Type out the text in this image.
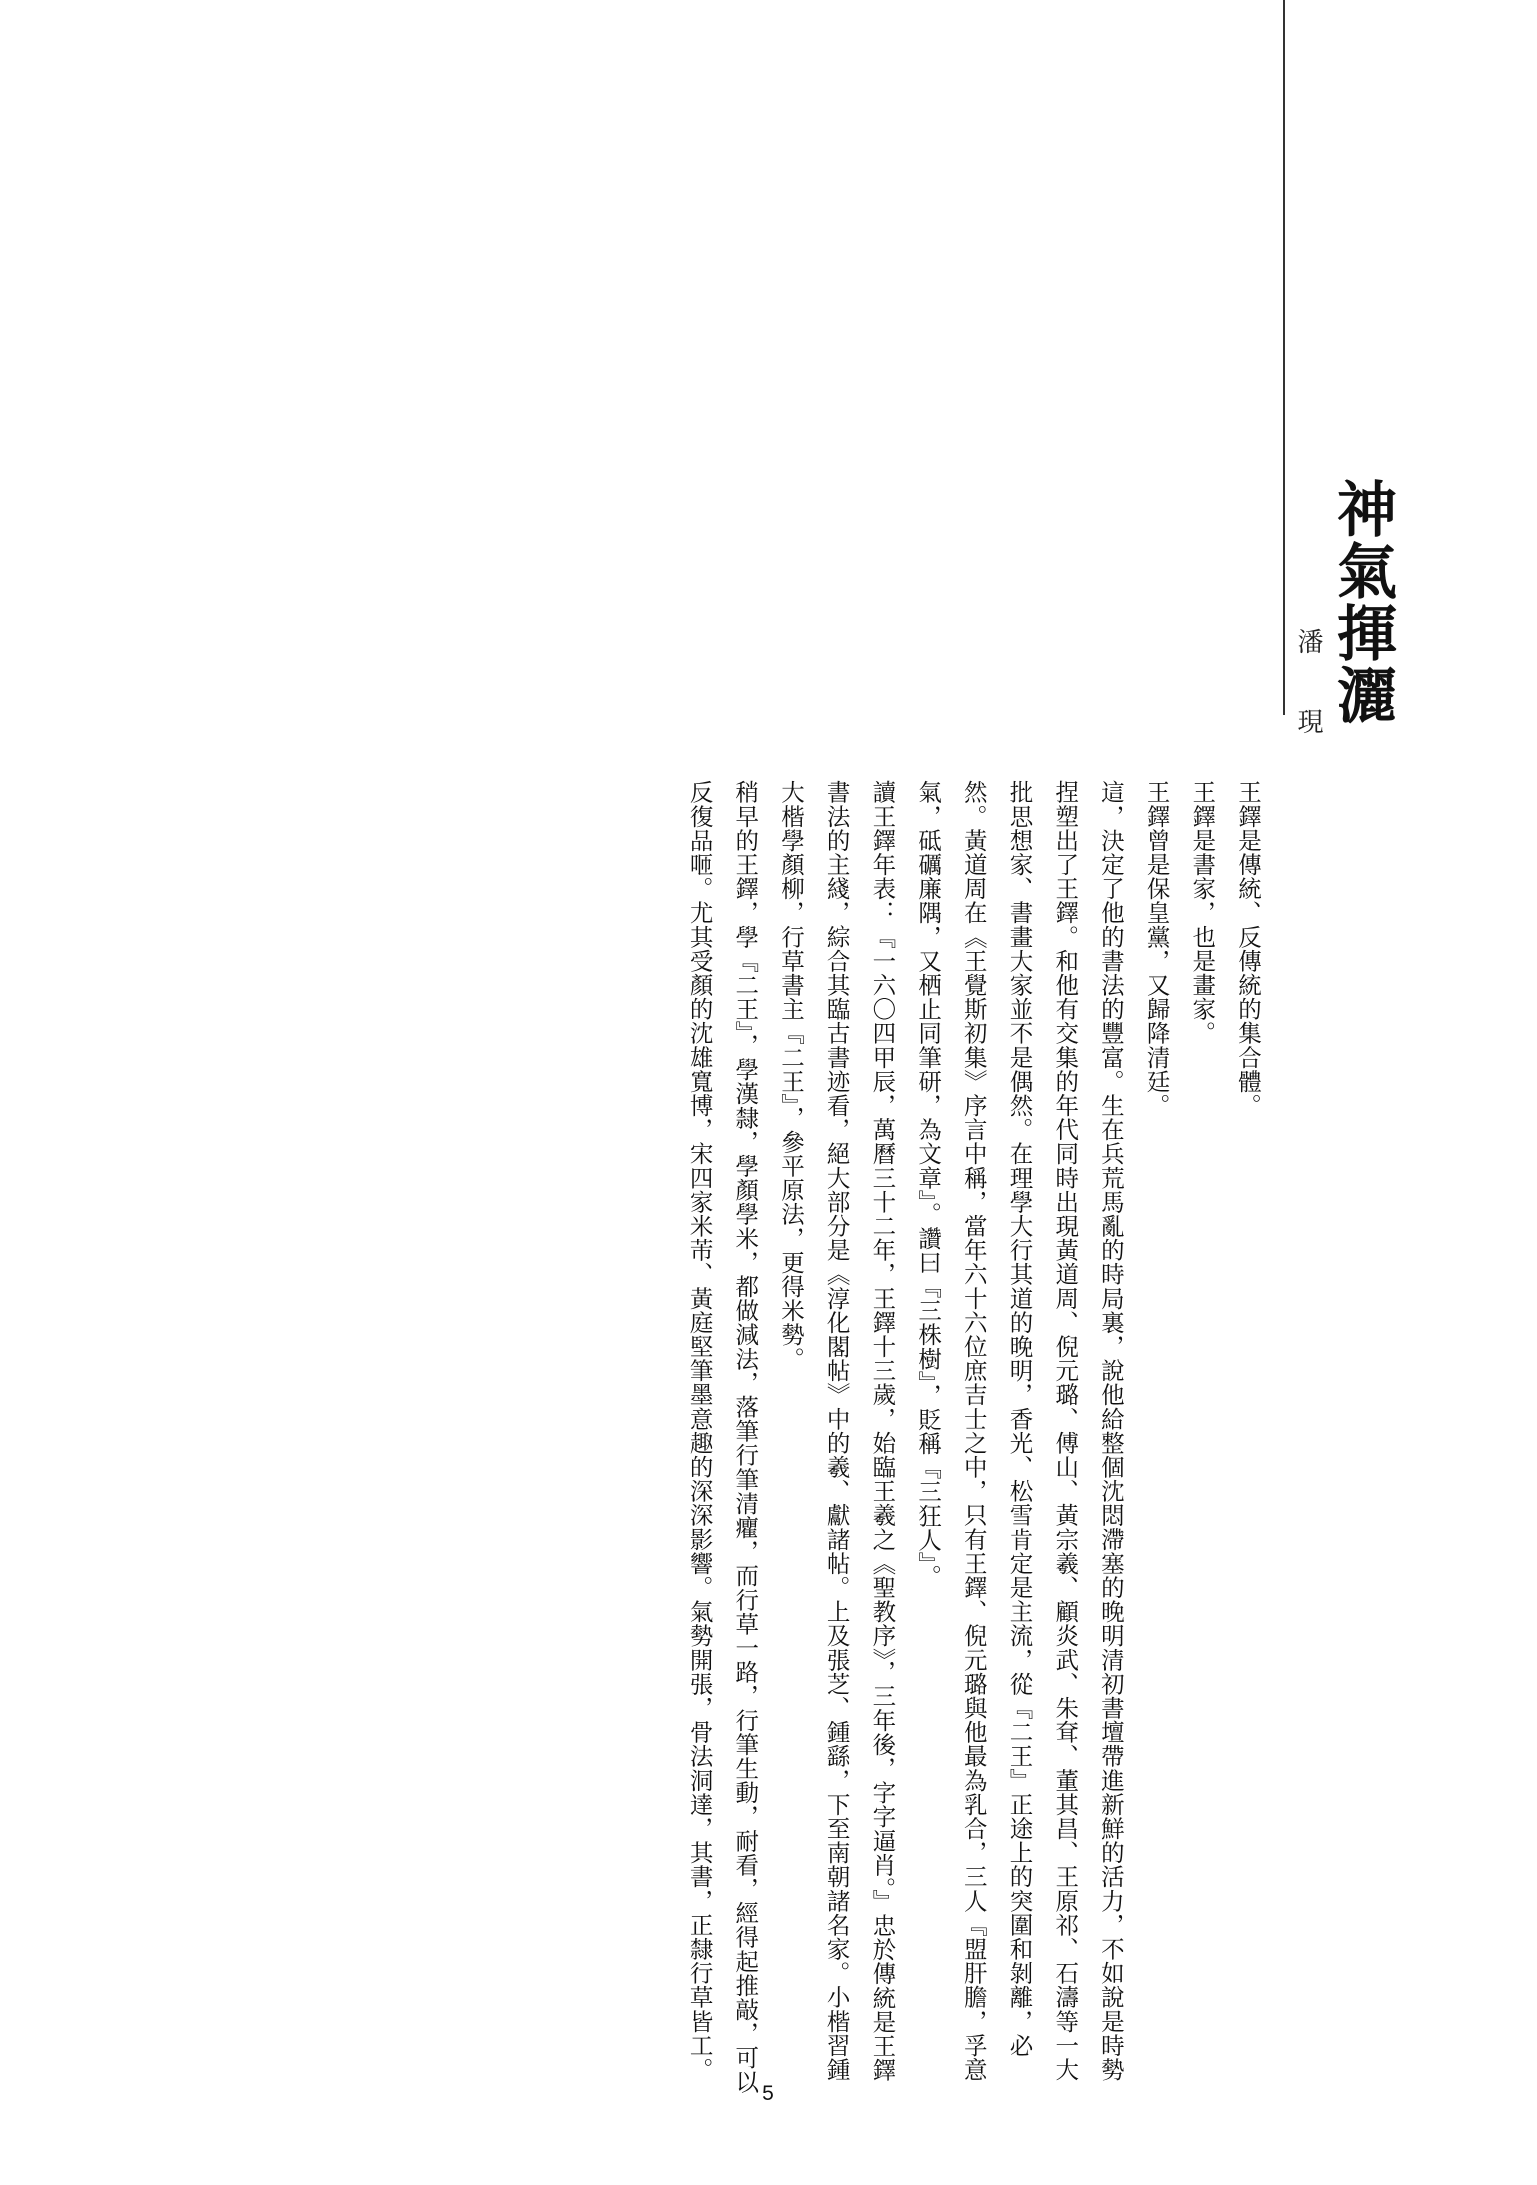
神氣揮灑
潘　現

王鐸是傳統、反傳統的集合體。

王鐸是書家，也是畫家。

王鐸曾是保皇黨，又歸降清廷。

這，決定了他的書法的豐富。生在兵荒馬亂的時局裏，說他給整個沈悶滯塞的晚明清初書壇帶進新鮮的活力，不如說是時勢捏塑出了王鐸。和他有交集的年代同時出現黃道周、倪元璐、傅山、黃宗羲、顧炎武、朱耷、董其昌、王原祁、石濤等一大批思想家、書畫大家並不是偶然。在理學大行其道的晚明，香光、松雪肯定是主流，從『二王』正途上的突圍和剝離，必然。黃道周在《王覺斯初集》序言中稱，當年六十六位庶吉士之中，只有王鐸、倪元璐與他最為乳合，三人『盟肝膽，孚意氣，砥礪廉隅，又栖止同筆研，為文章』。讚曰『三株樹』，貶稱『三狂人』。

讀王鐸年表：『一六〇四甲辰，萬曆三十二年，王鐸十三歲，始臨王羲之《聖教序》，三年後，字字逼肖。』忠於傳統是王鐸書法的主綫，綜合其臨古書迹看，絕大部分是《淳化閣帖》中的羲、獻諸帖。上及張芝、鍾繇，下至南朝諸名家。小楷習鍾大楷學顏柳，行草書主『二王』，參平原法，更得米勢。

稍早的王鐸，學『二王』，學漢隸，學顏學米，都做減法，落筆行筆清癯，而行草一路，行筆生動，耐看，經得起推敲，可以反復品咂。尤其受顏的沈雄寬博，宋四家米芾、黃庭堅筆墨意趣的深深影響。氣勢開張，骨法洞達，其書，正隸行草皆工。

5
